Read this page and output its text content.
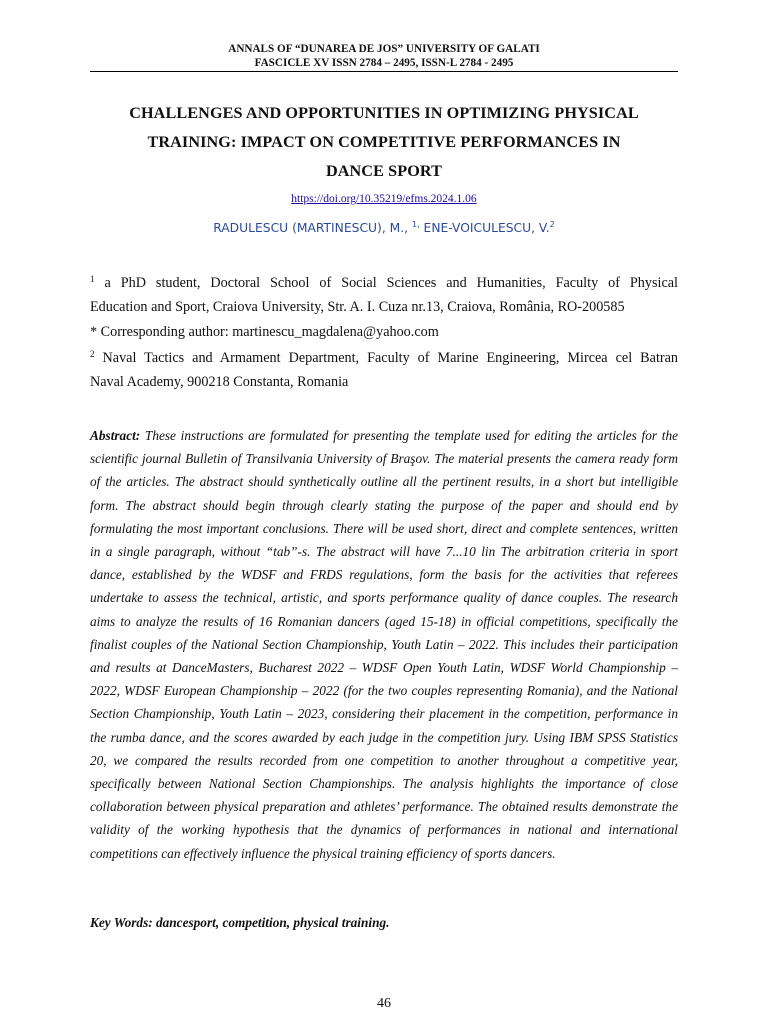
ANNALS OF “DUNAREA DE JOS” UNIVERSITY OF GALATI
FASCICLE XV ISSN 2784 – 2495, ISSN-L 2784 - 2495
CHALLENGES AND OPPORTUNITIES IN OPTIMIZING PHYSICAL
TRAINING: IMPACT ON COMPETITIVE PERFORMANCES IN
DANCE SPORT
https://doi.org/10.35219/efms.2024.1.06
RADULESCU (MARTINESCU), M., $^{1,}$ ENE-VOICULESCU, V.$^2$
$^1$ a PhD student, Doctoral School of Social Sciences and Humanities, Faculty of Physical
Education and Sport, Craiova University, Str. A. I. Cuza nr.13, Craiova, România, RO-200585
* Corresponding author: martinescu_magdalena@yahoo.com
$^2$ Naval Tactics and Armament Department, Faculty of Marine Engineering, Mircea cel Batran
Naval Academy, 900218 Constanta, Romania
Abstract: These instructions are formulated for presenting the template used for editing the articles for the scientific journal Bulletin of Transilvania University of Braşov. The material presents the camera ready form of the articles. The abstract should synthetically outline all the pertinent results, in a short but intelligible form. The abstract should begin through clearly stating the purpose of the paper and should end by formulating the most important conclusions. There will be used short, direct and complete sentences, written in a single paragraph, without “tab”-s. The abstract will have 7...10 lin The arbitration criteria in sport dance, established by the WDSF and FRDS regulations, form the basis for the activities that referees undertake to assess the technical, artistic, and sports performance quality of dance couples. The research aims to analyze the results of 16 Romanian dancers (aged 15-18) in official competitions, specifically the finalist couples of the National Section Championship, Youth Latin – 2022. This includes their participation and results at DanceMasters, Bucharest 2022 – WDSF Open Youth Latin, WDSF World Championship – 2022, WDSF European Championship – 2022 (for the two couples representing Romania), and the National Section Championship, Youth Latin – 2023, considering their placement in the competition, performance in the rumba dance, and the scores awarded by each judge in the competition jury. Using IBM SPSS Statistics 20, we compared the results recorded from one competition to another throughout a competitive year, specifically between National Section Championships. The analysis highlights the importance of close collaboration between physical preparation and athletes’ performance. The obtained results demonstrate the validity of the working hypothesis that the dynamics of performances in national and international competitions can effectively influence the physical training efficiency of sports dancers.
Key Words: dancesport, competition, physical training.
46
